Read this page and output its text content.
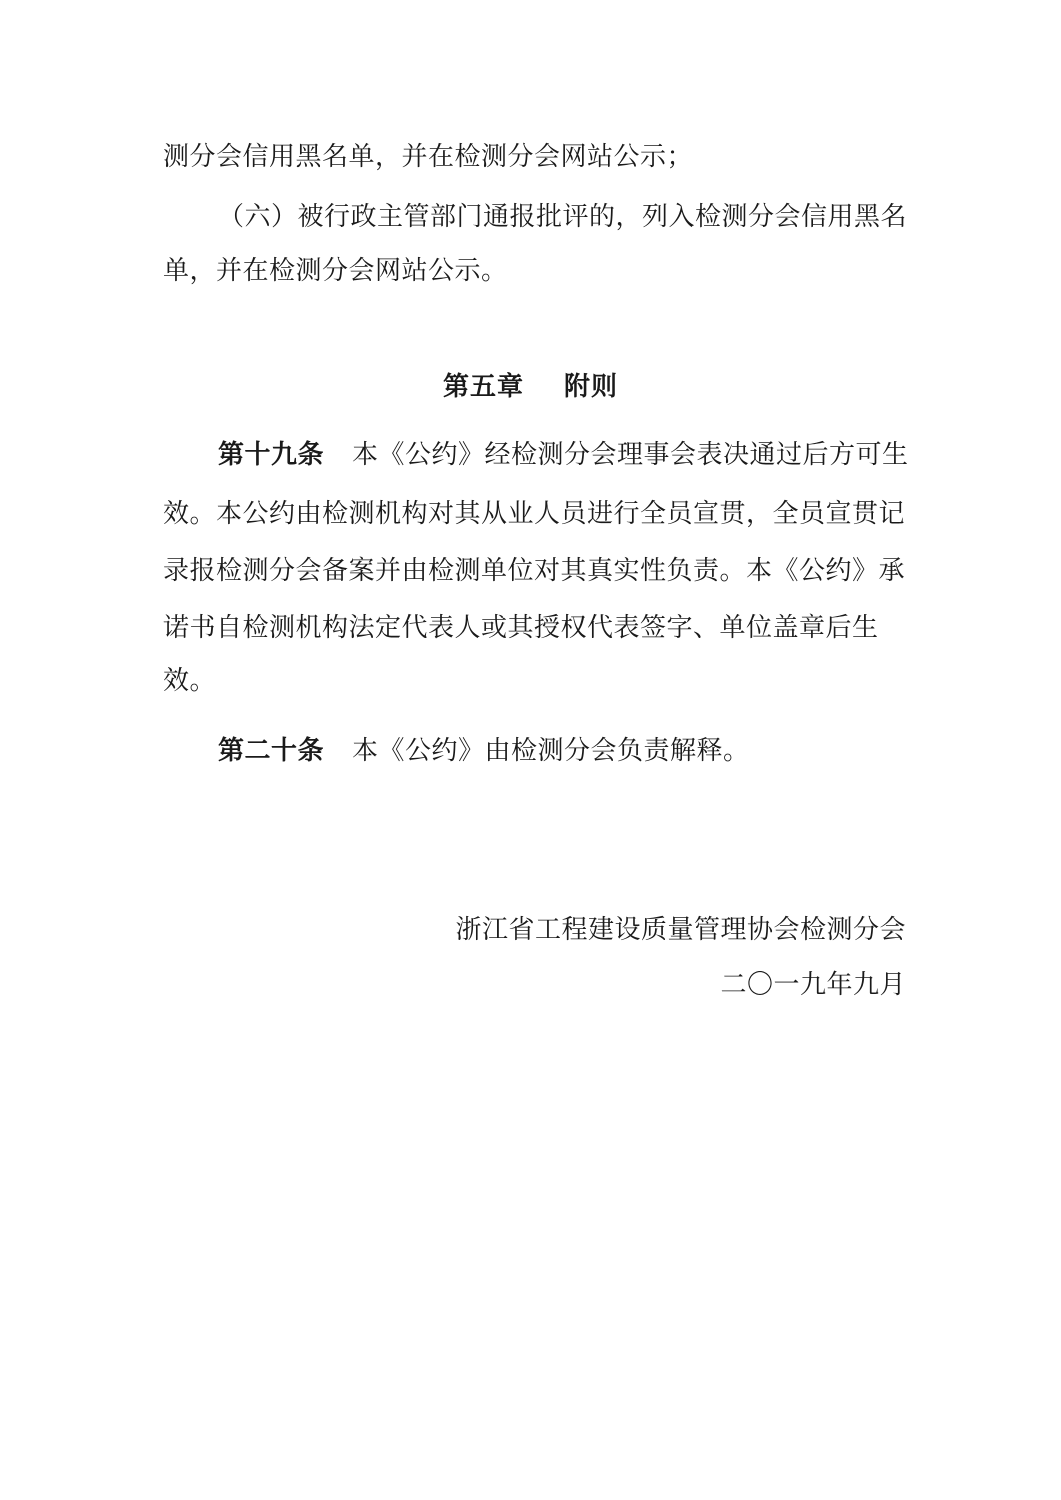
测分会信用黑名单，并在检测分会网站公示；
（六）被行政主管部门通报批评的，列入检测分会信用黑名
单，并在检测分会网站公示。
第五章 附则
第十九条 本《公约》经检测分会理事会表决通过后方可生
效。本公约由检测机构对其从业人员进行全员宣贯，全员宣贯记
录报检测分会备案并由检测单位对其真实性负责。本《公约》承
诺书自检测机构法定代表人或其授权代表签字、单位盖章后生
效。
第二十条 本《公约》由检测分会负责解释。
浙江省工程建设质量管理协会检测分会
二〇一九年九月
